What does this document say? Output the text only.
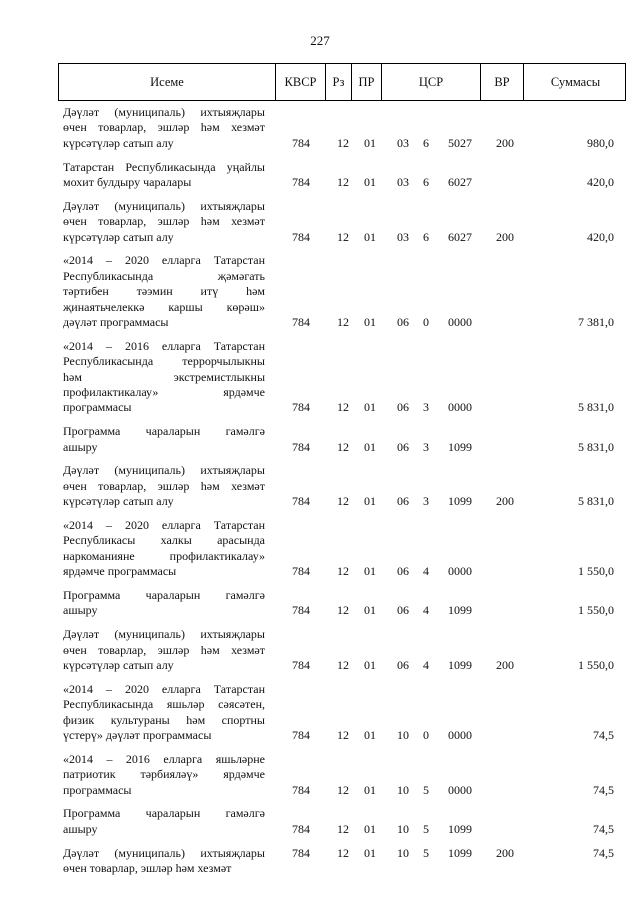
227
Исеме	КВСР	Рз	ПР	ЦСР	ВР	Суммасы
Дәүләт (муниципаль) ихтыяҗлары
өчен товарлар, эшләр һәм хезмәт
күрсәтүләр сатып алу	784	12	01	03	6	5027	200	980,0
Татарстан Республикасында уңайлы
мохит булдыру чаралары	784	12	01	03	6	6027	420,0
Дәүләт (муниципаль) ихтыяҗлары
өчен товарлар, эшләр һәм хезмәт
күрсәтүләр сатып алу	784	12	01	03	6	6027	200	420,0
«2014 – 2020 елларга Татарстан
Республикасында җәмәгать
тәртибен тәэмин итү һәм
җинаятьчелеккә каршы көрәш»
дәүләт программасы	784	12	01	06	0	0000	7 381,0
«2014 – 2016 елларга Татарстан
Республикасында террорчылыкны
һәм экстремистлыкны
профилактикалау» ярдәмче
программасы	784	12	01	06	3	0000	5 831,0
Программа чараларын гамәлгә
ашыру	784	12	01	06	3	1099	5 831,0
Дәүләт (муниципаль) ихтыяҗлары
өчен товарлар, эшләр һәм хезмәт
күрсәтүләр сатып алу	784	12	01	06	3	1099	200	5 831,0
«2014 – 2020 елларга Татарстан
Республикасы халкы арасында
наркоманияне профилактикалау»
ярдәмче программасы	784	12	01	06	4	0000	1 550,0
Программа чараларын гамәлгә
ашыру	784	12	01	06	4	1099	1 550,0
Дәүләт (муниципаль) ихтыяҗлары
өчен товарлар, эшләр һәм хезмәт
күрсәтүләр сатып алу	784	12	01	06	4	1099	200	1 550,0
«2014 – 2020 елларга Татарстан
Республикасында яшьләр сәясәтен,
физик культураны һәм спортны
үстерү» дәүләт программасы	784	12	01	10	0	0000	74,5
«2014 – 2016 елларга яшьләрне
патриотик тәрбияләү» ярдәмче
программасы	784	12	01	10	5	0000	74,5
Программа чараларын гамәлгә
ашыру	784	12	01	10	5	1099	74,5
Дәүләт (муниципаль) ихтыяҗлары
өчен товарлар, эшләр һәм хезмәт
784	12	01	10	5	1099	200	74,5
